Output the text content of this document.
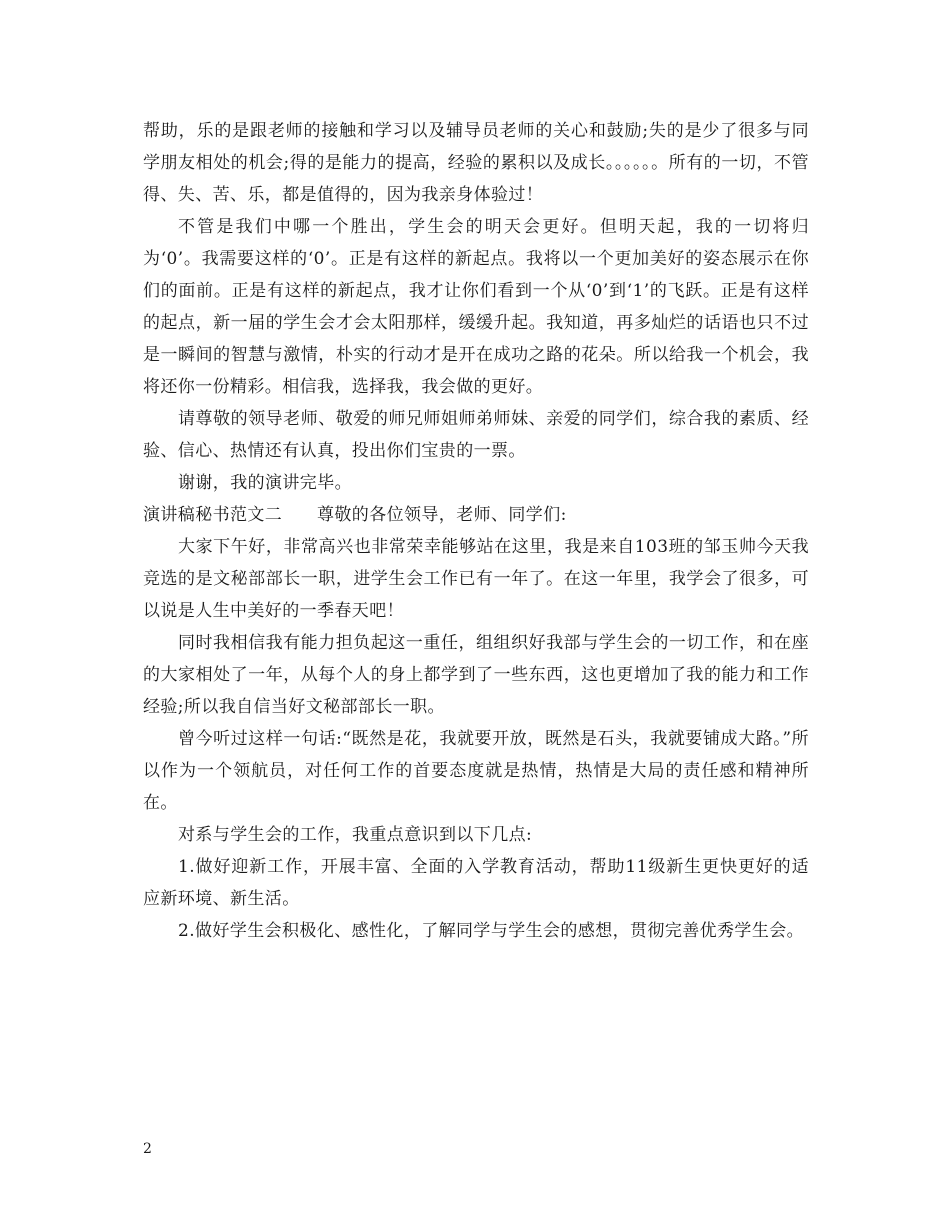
帮助，乐的是跟老师的接触和学习以及辅导员老师的关心和鼓励;失的是少了很多与同学朋友相处的机会;得的是能力的提高，经验的累积以及成长。。。。。。所有的一切，不管得、失、苦、乐，都是值得的，因为我亲身体验过！

不管是我们中哪一个胜出，学生会的明天会更好。但明天起，我的一切将归为‘0’。我需要这样的‘0’。正是有这样的新起点。我将以一个更加美好的姿态展示在你们的面前。正是有这样的新起点，我才让你们看到一个从‘0’到‘1’的飞跃。正是有这样的起点，新一届的学生会才会太阳那样，缓缓升起。我知道，再多灿烂的话语也只不过是一瞬间的智慧与激情，朴实的行动才是开在成功之路的花朵。所以给我一个机会，我将还你一份精彩。相信我，选择我，我会做的更好。

请尊敬的领导老师、敬爱的师兄师姐师弟师妹、亲爱的同学们，综合我的素质、经验、信心、热情还有认真，投出你们宝贵的一票。

谢谢，我的演讲完毕。

演讲稿秘书范文二　　尊敬的各位领导，老师、同学们:

大家下午好，非常高兴也非常荣幸能够站在这里，我是来自103班的邹玉帅今天我竞选的是文秘部部长一职，进学生会工作已有一年了。在这一年里，我学会了很多，可以说是人生中美好的一季春天吧！

同时我相信我有能力担负起这一重任，组组织好我部与学生会的一切工作，和在座的大家相处了一年，从每个人的身上都学到了一些东西，这也更增加了我的能力和工作经验;所以我自信当好文秘部部长一职。

曾今听过这样一句话:“既然是花，我就要开放，既然是石头，我就要铺成大路。”所以作为一个领航员，对任何工作的首要态度就是热情，热情是大局的责任感和精神所在。

对系与学生会的工作，我重点意识到以下几点:

1.做好迎新工作，开展丰富、全面的入学教育活动，帮助11级新生更快更好的适应新环境、新生活。

2.做好学生会积极化、感性化，了解同学与学生会的感想，贯彻完善优秀学生会。

2
